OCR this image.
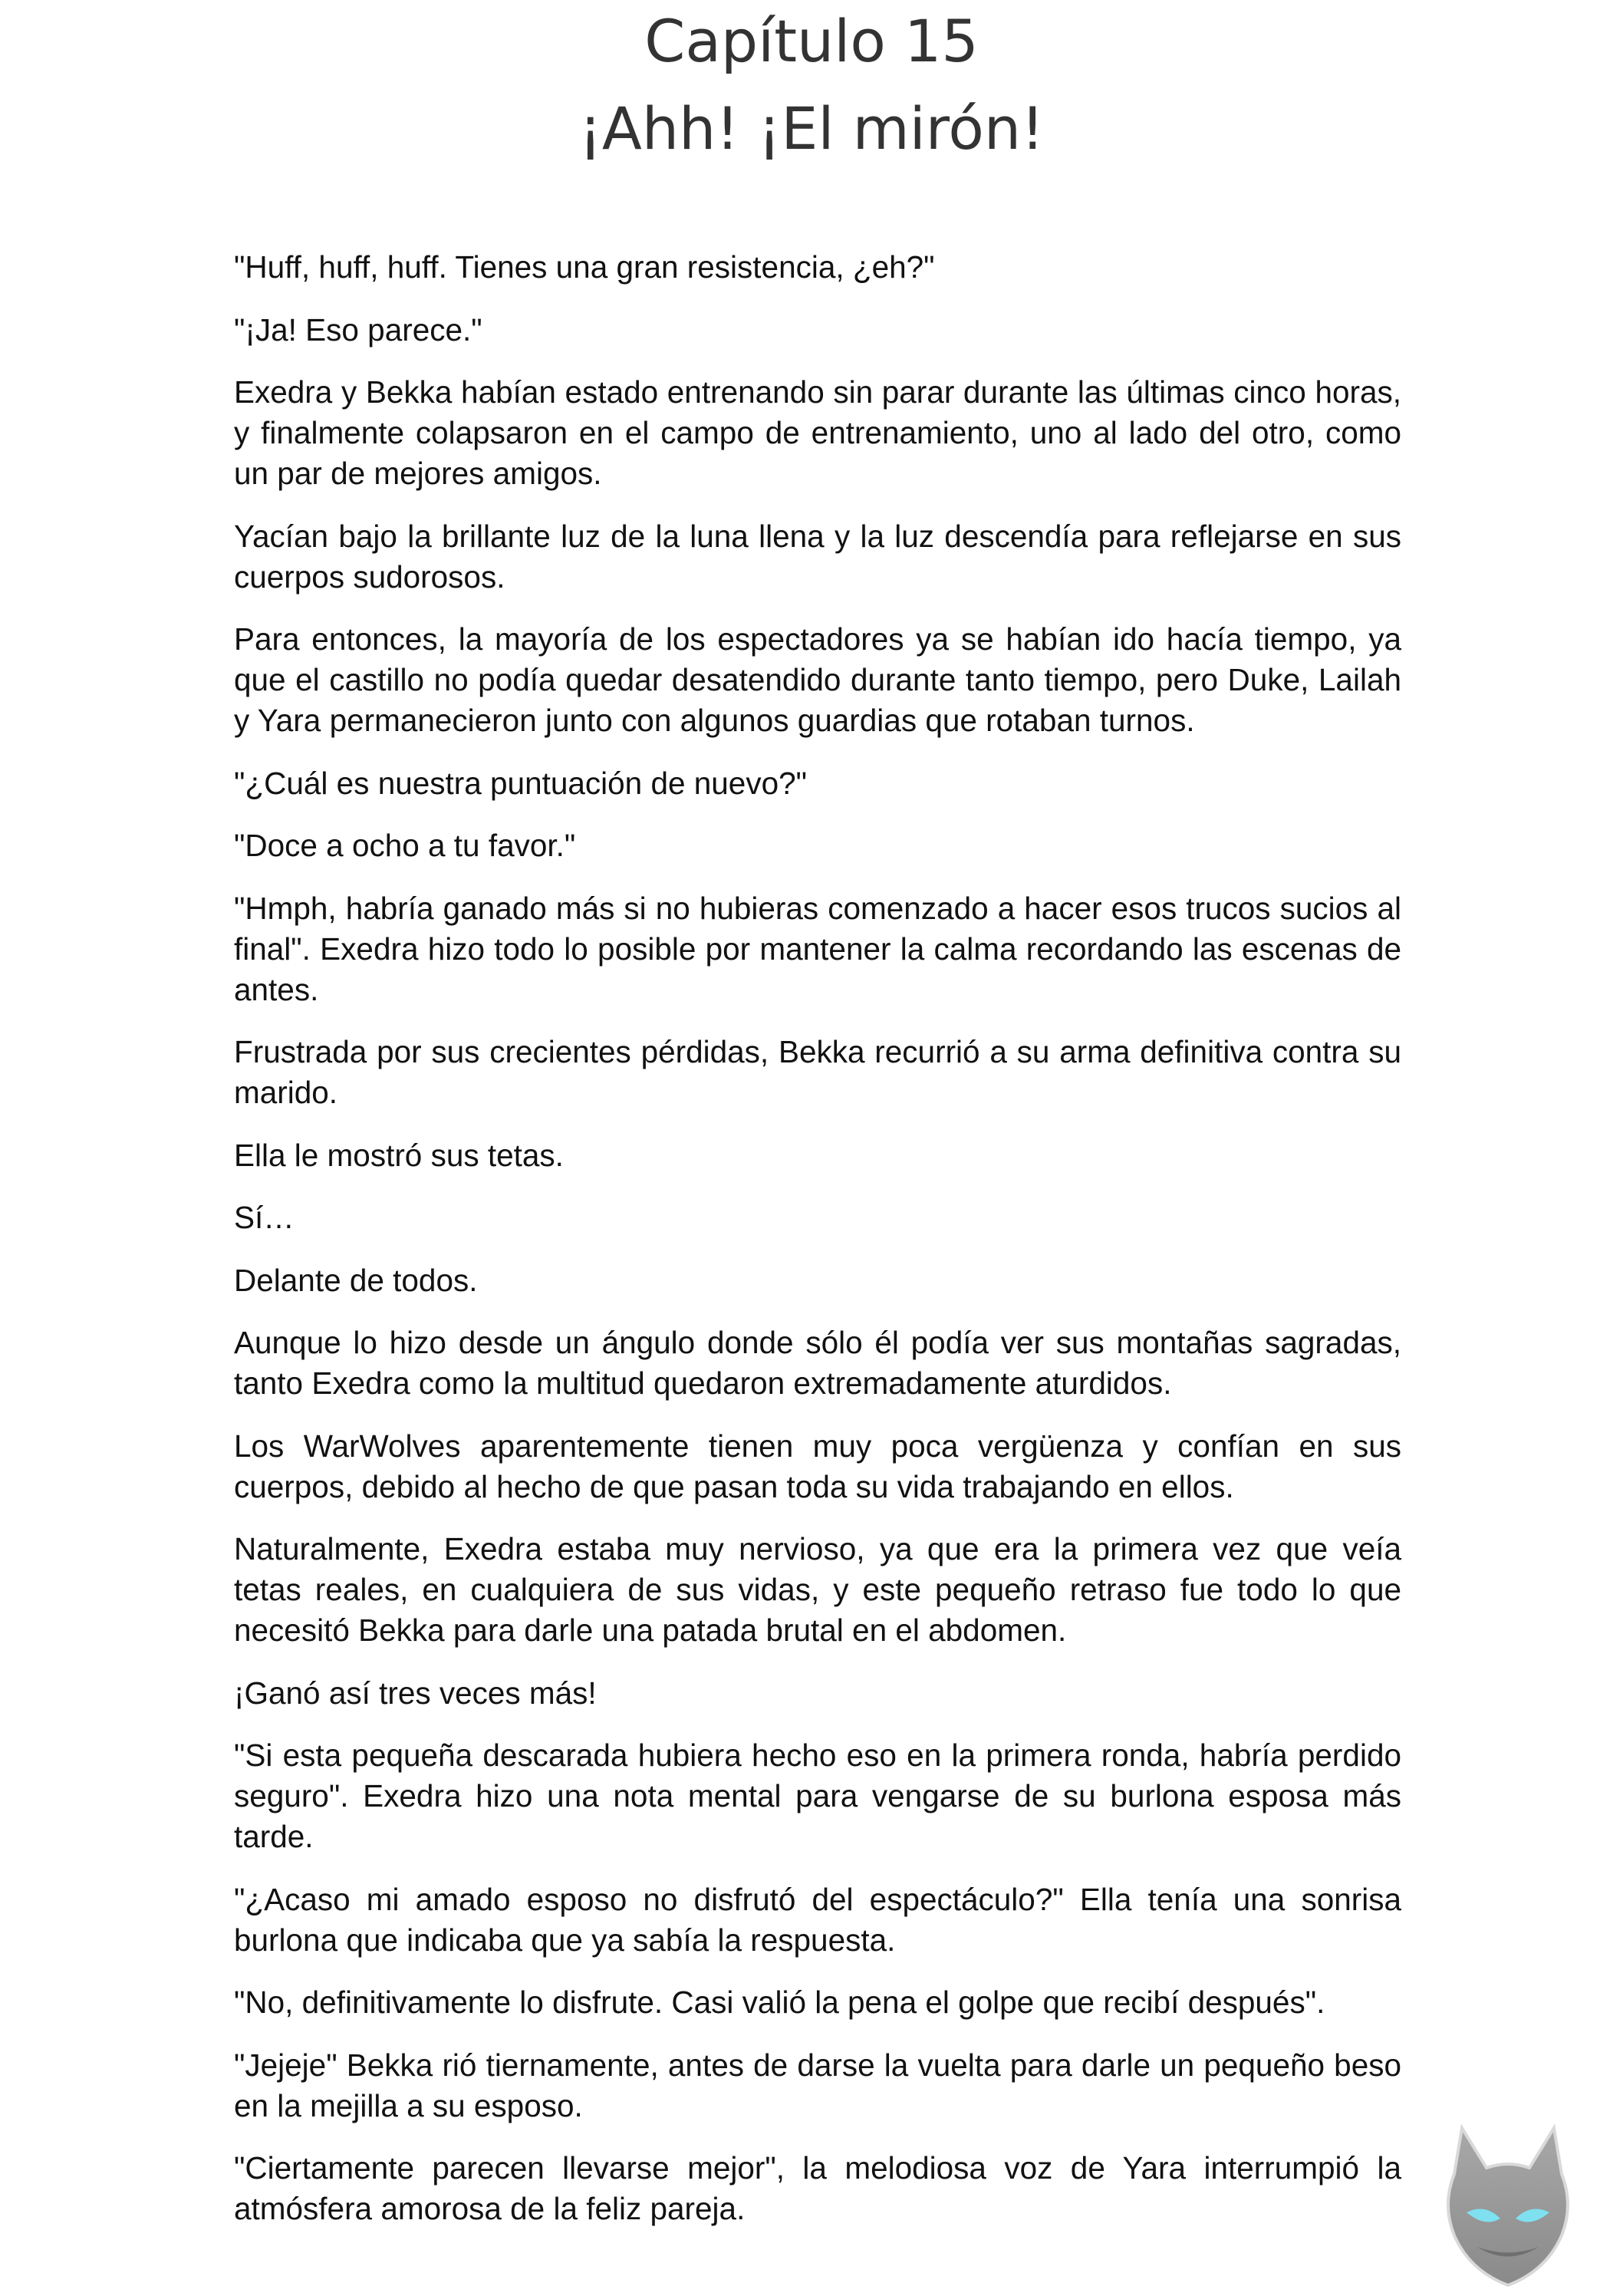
Capítulo 15
¡Ahh! ¡El mirón!

"Huff, huff, huff. Tienes una gran resistencia, ¿eh?"

"¡Ja! Eso parece."

Exedra y Bekka habían estado entrenando sin parar durante las últimas cinco horas, y finalmente colapsaron en el campo de entrenamiento, uno al lado del otro, como un par de mejores amigos.

Yacían bajo la brillante luz de la luna llena y la luz descendía para reflejarse en sus cuerpos sudorosos.

Para entonces, la mayoría de los espectadores ya se habían ido hacía tiempo, ya que el castillo no podía quedar desatendido durante tanto tiempo, pero Duke, Lailah y Yara permanecieron junto con algunos guardias que rotaban turnos.

"¿Cuál es nuestra puntuación de nuevo?"

"Doce a ocho a tu favor."

"Hmph, habría ganado más si no hubieras comenzado a hacer esos trucos sucios al final". Exedra hizo todo lo posible por mantener la calma recordando las escenas de antes.

Frustrada por sus crecientes pérdidas, Bekka recurrió a su arma definitiva contra su marido.

Ella le mostró sus tetas.

Sí…

Delante de todos.

Aunque lo hizo desde un ángulo donde sólo él podía ver sus montañas sagradas, tanto Exedra como la multitud quedaron extremadamente aturdidos.

Los WarWolves aparentemente tienen muy poca vergüenza y confían en sus cuerpos, debido al hecho de que pasan toda su vida trabajando en ellos.

Naturalmente, Exedra estaba muy nervioso, ya que era la primera vez que veía tetas reales, en cualquiera de sus vidas, y este pequeño retraso fue todo lo que necesitó Bekka para darle una patada brutal en el abdomen.

¡Ganó así tres veces más!

"Si esta pequeña descarada hubiera hecho eso en la primera ronda, habría perdido seguro". Exedra hizo una nota mental para vengarse de su burlona esposa más tarde.

"¿Acaso mi amado esposo no disfrutó del espectáculo?" Ella tenía una sonrisa burlona que indicaba que ya sabía la respuesta.

"No, definitivamente lo disfrute. Casi valió la pena el golpe que recibí después".

"Jejeje" Bekka rió tiernamente, antes de darse la vuelta para darle un pequeño beso en la mejilla a su esposo.

"Ciertamente parecen llevarse mejor", la melodiosa voz de Yara interrumpió la atmósfera amorosa de la feliz pareja.
